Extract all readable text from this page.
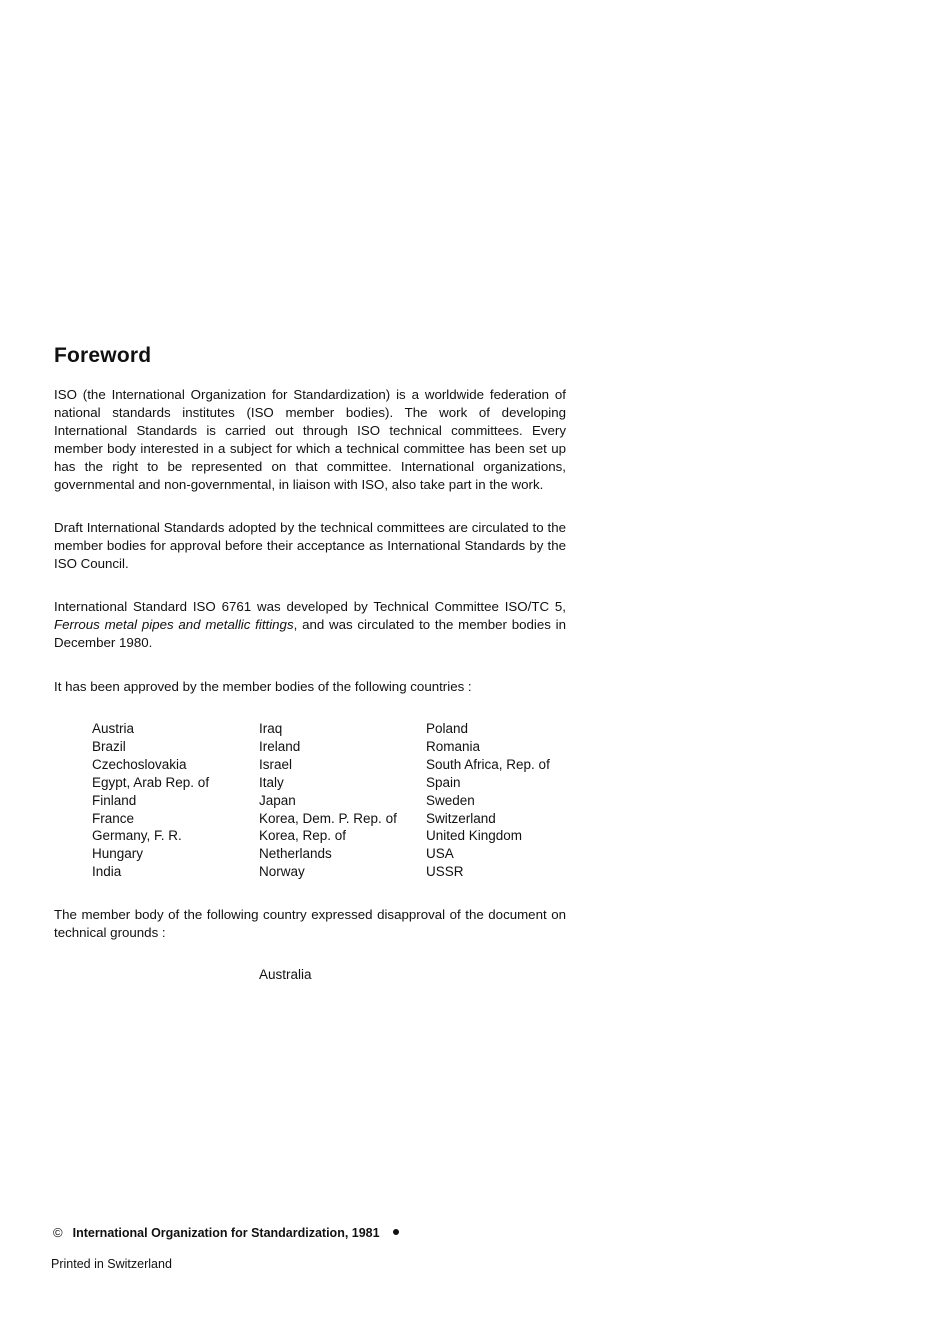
Foreword

ISO (the International Organization for Standardization) is a worldwide federation of national standards institutes (ISO member bodies). The work of developing International Standards is carried out through ISO technical committees. Every member body interested in a subject for which a technical committee has been set up has the right to be represented on that committee. International organizations, governmental and non-governmental, in liaison with ISO, also take part in the work.

Draft International Standards adopted by the technical committees are circulated to the member bodies for approval before their acceptance as International Standards by the ISO Council.

International Standard ISO 6761 was developed by Technical Committee ISO/TC 5, Ferrous metal pipes and metallic fittings, and was circulated to the member bodies in December 1980.

It has been approved by the member bodies of the following countries :

Austria
Brazil
Czechoslovakia
Egypt, Arab Rep. of
Finland
France
Germany, F. R.
Hungary
India
Iraq
Ireland
Israel
Italy
Japan
Korea, Dem. P. Rep. of
Korea, Rep. of
Netherlands
Norway
Poland
Romania
South Africa, Rep. of
Spain
Sweden
Switzerland
United Kingdom
USA
USSR

The member body of the following country expressed disapproval of the document on technical grounds :

Australia
© International Organization for Standardization, 1981
Printed in Switzerland
